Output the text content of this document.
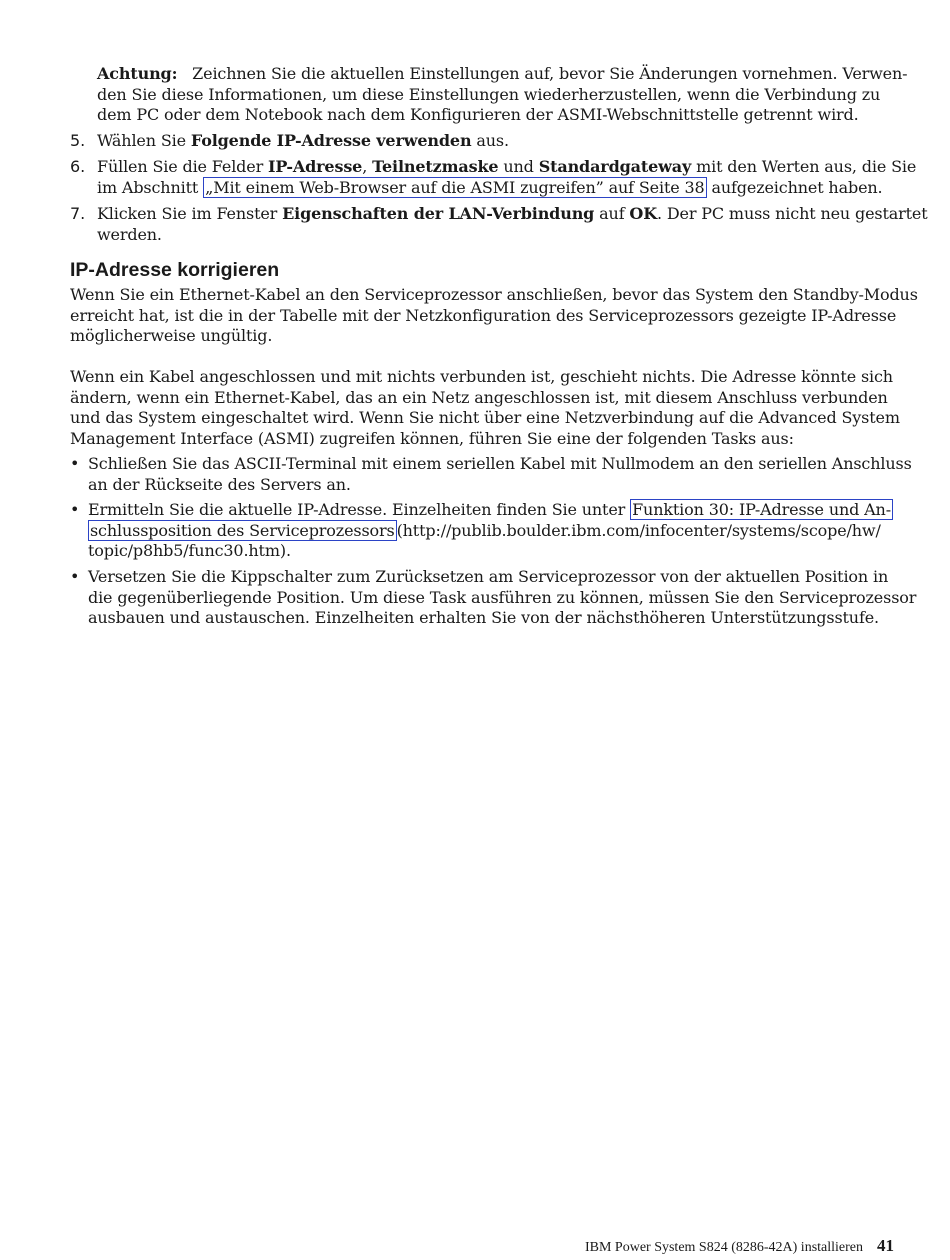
Achtung: Zeichnen Sie die aktuellen Einstellungen auf, bevor Sie Änderungen vornehmen. Verwen-
den Sie diese Informationen, um diese Einstellungen wiederherzustellen, wenn die Verbindung zu
dem PC oder dem Notebook nach dem Konfigurieren der ASMI-Webschnittstelle getrennt wird.
5. Wählen Sie Folgende IP-Adresse verwenden aus.
6. Füllen Sie die Felder IP-Adresse, Teilnetzmaske und Standardgateway mit den Werten aus, die Sie
im Abschnitt „Mit einem Web-Browser auf die ASMI zugreifen” auf Seite 38 aufgezeichnet haben.
7. Klicken Sie im Fenster Eigenschaften der LAN-Verbindung auf OK. Der PC muss nicht neu gestartet
werden.
IP-Adresse korrigieren
Wenn Sie ein Ethernet-Kabel an den Serviceprozessor anschließen, bevor das System den Standby-Modus
erreicht hat, ist die in der Tabelle mit der Netzkonfiguration des Serviceprozessors gezeigte IP-Adresse
möglicherweise ungültig.
Wenn ein Kabel angeschlossen und mit nichts verbunden ist, geschieht nichts. Die Adresse könnte sich
ändern, wenn ein Ethernet-Kabel, das an ein Netz angeschlossen ist, mit diesem Anschluss verbunden
und das System eingeschaltet wird. Wenn Sie nicht über eine Netzverbindung auf die Advanced System
Management Interface (ASMI) zugreifen können, führen Sie eine der folgenden Tasks aus:
• Schließen Sie das ASCII-Terminal mit einem seriellen Kabel mit Nullmodem an den seriellen Anschluss
an der Rückseite des Servers an.
• Ermitteln Sie die aktuelle IP-Adresse. Einzelheiten finden Sie unter Funktion 30: IP-Adresse und An-
schlussposition des Serviceprozessors (http://publib.boulder.ibm.com/infocenter/systems/scope/hw/
topic/p8hb5/func30.htm).
• Versetzen Sie die Kippschalter zum Zurücksetzen am Serviceprozessor von der aktuellen Position in
die gegenüberliegende Position. Um diese Task ausführen zu können, müssen Sie den Serviceprozessor
ausbauen und austauschen. Einzelheiten erhalten Sie von der nächsthöheren Unterstützungsstufe.
IBM Power System S824 (8286-42A) installieren 41
